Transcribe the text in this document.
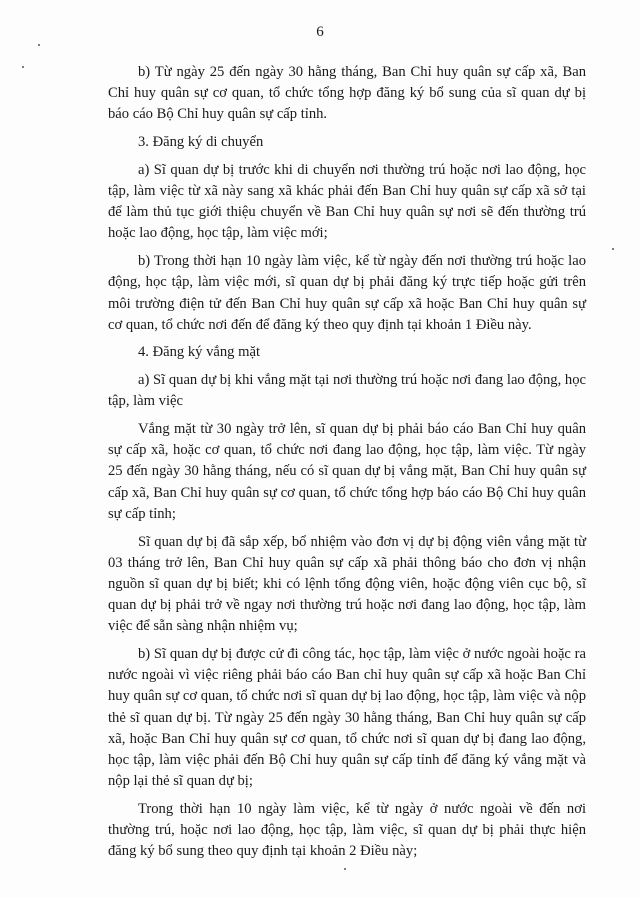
6

b) Từ ngày 25 đến ngày 30 hằng tháng, Ban Chỉ huy quân sự cấp xã, Ban Chỉ huy quân sự cơ quan, tổ chức tổng hợp đăng ký bổ sung của sĩ quan dự bị báo cáo Bộ Chỉ huy quân sự cấp tỉnh.

3. Đăng ký di chuyển

a) Sĩ quan dự bị trước khi di chuyển nơi thường trú hoặc nơi lao động, học tập, làm việc từ xã này sang xã khác phải đến Ban Chỉ huy quân sự cấp xã sở tại để làm thủ tục giới thiệu chuyển về Ban Chỉ huy quân sự nơi sẽ đến thường trú hoặc lao động, học tập, làm việc mới;

b) Trong thời hạn 10 ngày làm việc, kể từ ngày đến nơi thường trú hoặc lao động, học tập, làm việc mới, sĩ quan dự bị phải đăng ký trực tiếp hoặc gửi trên môi trường điện tử đến Ban Chỉ huy quân sự cấp xã hoặc Ban Chỉ huy quân sự cơ quan, tổ chức nơi đến để đăng ký theo quy định tại khoản 1 Điều này.

4. Đăng ký vắng mặt

a) Sĩ quan dự bị khi vắng mặt tại nơi thường trú hoặc nơi đang lao động, học tập, làm việc

Vắng mặt từ 30 ngày trở lên, sĩ quan dự bị phải báo cáo Ban Chỉ huy quân sự cấp xã, hoặc cơ quan, tổ chức nơi đang lao động, học tập, làm việc. Từ ngày 25 đến ngày 30 hằng tháng, nếu có sĩ quan dự bị vắng mặt, Ban Chỉ huy quân sự cấp xã, Ban Chỉ huy quân sự cơ quan, tổ chức tổng hợp báo cáo Bộ Chỉ huy quân sự cấp tỉnh;

Sĩ quan dự bị đã sắp xếp, bổ nhiệm vào đơn vị dự bị động viên vắng mặt từ 03 tháng trở lên, Ban Chỉ huy quân sự cấp xã phải thông báo cho đơn vị nhận nguồn sĩ quan dự bị biết; khi có lệnh tổng động viên, hoặc động viên cục bộ, sĩ quan dự bị phải trở về ngay nơi thường trú hoặc nơi đang lao động, học tập, làm việc để sẵn sàng nhận nhiệm vụ;

b) Sĩ quan dự bị được cử đi công tác, học tập, làm việc ở nước ngoài hoặc ra nước ngoài vì việc riêng phải báo cáo Ban chỉ huy quân sự cấp xã hoặc Ban Chỉ huy quân sự cơ quan, tổ chức nơi sĩ quan dự bị lao động, học tập, làm việc và nộp thẻ sĩ quan dự bị. Từ ngày 25 đến ngày 30 hằng tháng, Ban Chỉ huy quân sự cấp xã, hoặc Ban Chỉ huy quân sự cơ quan, tổ chức nơi sĩ quan dự bị đang lao động, học tập, làm việc phải đến Bộ Chỉ huy quân sự cấp tỉnh để đăng ký vắng mặt và nộp lại thẻ sĩ quan dự bị;

Trong thời hạn 10 ngày làm việc, kể từ ngày ở nước ngoài về đến nơi thường trú, hoặc nơi lao động, học tập, làm việc, sĩ quan dự bị phải thực hiện đăng ký bổ sung theo quy định tại khoản 2 Điều này;
